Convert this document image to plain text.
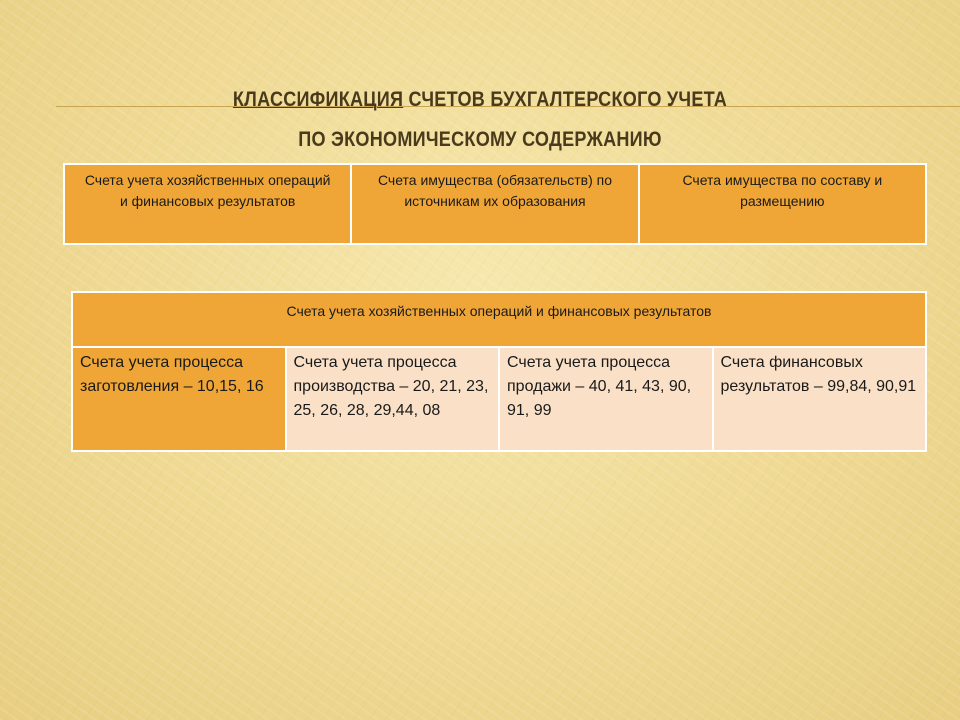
КЛАССИФИКАЦИЯ СЧЕТОВ БУХГАЛТЕРСКОГО УЧЕТА
ПО ЭКОНОМИЧЕСКОМУ СОДЕРЖАНИЮ
Счета учета хозяйственных операций и финансовых результатов	Счета имущества (обязательств) по источникам их образования	Счета имущества по составу и размещению
Счета учета хозяйственных операций и финансовых результатов
Счета учета процесса заготовления – 10,15, 16	Счета учета процесса производства – 20, 21, 23, 25, 26, 28, 29,44, 08	Счета учета процесса продажи – 40, 41, 43, 90, 91, 99	Счета финансовых результатов – 99,84, 90,91
